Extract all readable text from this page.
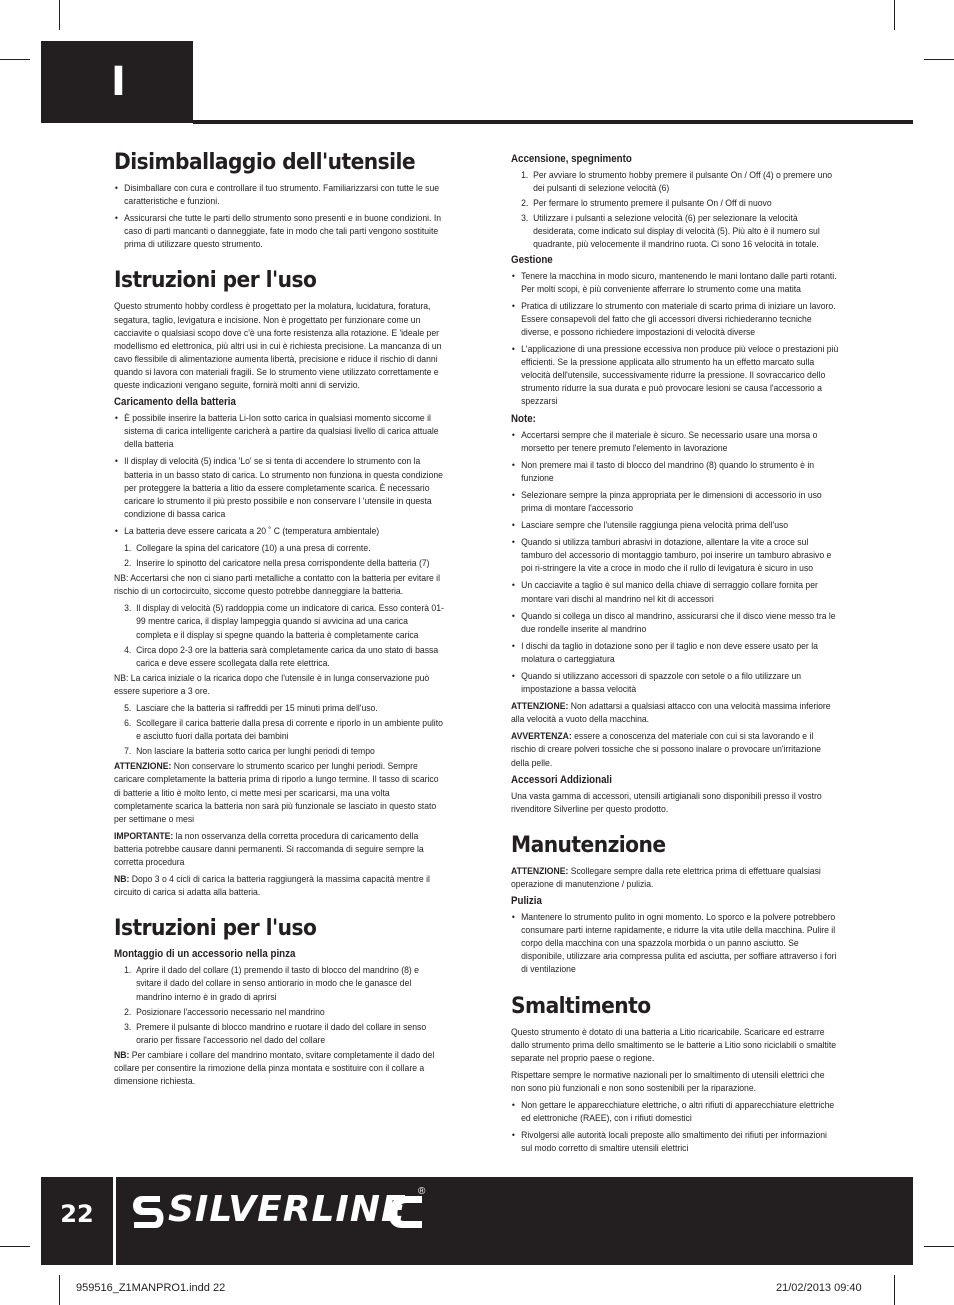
I
Disimballaggio dell'utensile
• Disimballare con cura e controllare il tuo strumento. Familiarizzarsi con tutte le sue caratteristiche e funzioni.
• Assicurarsi che tutte le parti dello strumento sono presenti e in buone condizioni. In caso di parti mancanti o danneggiate, fate in modo che tali parti vengono sostituite prima di utilizzare questo strumento.
Istruzioni per l'uso

Questo strumento hobby cordless è progettato per la molatura, lucidatura, foratura, segatura, taglio, levigatura e incisione. Non è progettato per funzionare come un cacciavite o qualsiasi scopo dove c'è una forte resistenza alla rotazione. E 'ideale per modellismo ed elettronica, più altri usi in cui è richiesta precisione. La mancanza di un cavo flessibile di alimentazione aumenta libertà, precisione e riduce il rischio di danni quando si lavora con materiali fragili. Se lo strumento viene utilizzato correttamente e queste indicazioni vengano seguite, fornirà molti anni di servizio.

Caricamento della batteria
• È possibile inserire la batteria Li-Ion sotto carica in qualsiasi momento siccome il sistema di carica intelligente caricherà a partire da qualsiasi livello di carica attuale della batteria
• Il display di velocità (5) indica 'Lo' se si tenta di accendere lo strumento con la batteria in un basso stato di carica. Lo strumento non funziona in questa condizione per proteggere la batteria a litio da essere completamente scarica. È necessario caricare lo strumento il più presto possibile e non conservare l 'utensile in questa condizione di bassa carica
• La batteria deve essere caricata a 20 ˚ C (temperatura ambientale)
1. Collegare la spina del caricatore (10) a una presa di corrente.
2. Inserire lo spinotto del caricatore nella presa corrispondente della batteria (7)

NB: Accertarsi che non ci siano parti metalliche a contatto con la batteria per evitare il rischio di un cortocircuito, siccome questo potrebbe danneggiare la batteria.

3. Il display di velocità (5) raddoppia come un indicatore di carica. Esso conterà 01-99 mentre carica, il display lampeggia quando si avvicina ad una carica completa e il display si spegne quando la batteria è completamente carica
4. Circa dopo 2-3 ore la batteria sarà completamente carica da uno stato di bassa carica e deve essere scollegata dalla rete elettrica.

NB: La carica iniziale o la ricarica dopo che l'utensile è in lunga conservazione può essere superiore a 3 ore.

5. Lasciare che la batteria si raffreddi per 15 minuti prima dell'uso.
6. Scollegare il carica batterie dalla presa di corrente e riporlo in un ambiente pulito e asciutto fuori dalla portata dei bambini
7. Non lasciare la batteria sotto carica per lunghi periodi di tempo

ATTENZIONE: Non conservare lo strumento scarico per lunghi periodi. Sempre caricare completamente la batteria prima di riporlo a lungo termine. Il tasso di scarico di batterie a litio è molto lento, ci mette mesi per scaricarsi, ma una volta completamente scarica la batteria non sarà più funzionale se lasciato in questo stato per settimane o mesi

IMPORTANTE: la non osservanza della corretta procedura di caricamento della batteria potrebbe causare danni permanenti. Si raccomanda di seguire sempre la corretta procedura

NB: Dopo 3 o 4 cicli di carica la batteria raggiungerà la massima capacità mentre il circuito di carica si adatta alla batteria.

Istruzioni per l'uso
Montaggio di un accessorio nella pinza
1. Aprire il dado del collare (1) premendo il tasto di blocco del mandrino (8) e svitare il dado del collare in senso antiorario in modo che le ganasce del mandrino interno è in grado di aprirsi
2. Posizionare l'accessorio necessario nel mandrino
3. Premere il pulsante di blocco mandrino e ruotare il dado del collare in senso orario per fissare l'accessorio nel dado del collare

NB: Per cambiare i collare del mandrino montato, svitare completamente il dado del collare per consentire la rimozione della pinza montata e sostituire con il collare a dimensione richiesta.

Accensione, spegnimento
1. Per avviare lo strumento hobby premere il pulsante On / Off (4) o premere uno dei pulsanti di selezione velocità (6)
2. Per fermare lo strumento premere il pulsante On / Off di nuovo
3. Utilizzare i pulsanti a selezione velocità (6) per selezionare la velocità desiderata, come indicato sul display di velocità (5). Più alto è il numero sul quadrante, più velocemente il mandrino ruota. Ci sono 16 velocità in totale.
Gestione
• Tenere la macchina in modo sicuro, mantenendo le mani lontano dalle parti rotanti. Per molti scopi, è più conveniente afferrare lo strumento come una matita
• Pratica di utilizzare lo strumento con materiale di scarto prima di iniziare un lavoro. Essere consapevoli del fatto che gli accessori diversi richiederanno tecniche diverse, e possono richiedere impostazioni di velocità diverse
• L'applicazione di una pressione eccessiva non produce più veloce o prestazioni più efficienti. Se la pressione applicata allo strumento ha un effetto marcato sulla velocità dell'utensile, successivamente ridurre la pressione. Il sovraccarico dello strumento ridurre la sua durata e può provocare lesioni se causa l'accessorio a spezzarsi
Note:
• Accertarsi sempre che il materiale è sicuro. Se necessario usare una morsa o morsetto per tenere premuto l'elemento in lavorazione
• Non premere mai il tasto di blocco del mandrino (8) quando lo strumento è in funzione
• Selezionare sempre la pinza appropriata per le dimensioni di accessorio in uso prima di montare l'accessorio
• Lasciare sempre che l'utensile raggiunga piena velocità prima dell'uso
• Quando si utilizza tamburi abrasivi in dotazione, allentare la vite a croce sul tamburo del accessorio di montaggio tamburo, poi inserire un tamburo abrasivo e poi ri-stringere la vite a croce in modo che il rullo di levigatura è sicuro in uso
• Un cacciavite a taglio è sul manico della chiave di serraggio collare fornita per montare vari dischi al mandrino nel kit di accessori
• Quando si collega un disco al mandrino, assicurarsi che il disco viene messo tra le due rondelle inserite al mandrino
• I dischi da taglio in dotazione sono per il taglio e non deve essere usato per la molatura o carteggiatura
• Quando si utilizzano accessori di spazzole con setole o a filo utilizzare un impostazione a bassa velocità

ATTENZIONE: Non adattarsi a qualsiasi attacco con una velocità massima inferiore alla velocità a vuoto della macchina.

AVVERTENZA: essere a conoscenza del materiale con cui si sta lavorando e il rischio di creare polveri tossiche che si possono inalare o provocare un'irritazione della pelle.

Accessori Addizionali

Una vasta gamma di accessori, utensili artigianali sono disponibili presso il vostro rivenditore Silverline per questo prodotto.

Manutenzione

ATTENZIONE: Scollegare sempre dalla rete elettrica prima di effettuare qualsiasi operazione di manutenzione / pulizia.

Pulizia
• Mantenere lo strumento pulito in ogni momento. Lo sporco e la polvere potrebbero consumare parti interne rapidamente, e ridurre la vita utile della macchina. Pulire il corpo della macchina con una spazzola morbida o un panno asciutto. Se disponibile, utilizzare aria compressa pulita ed asciutta, per soffiare attraverso i fori di ventilazione
Smaltimento

Questo strumento è dotato di una batteria a Litio ricaricabile. Scaricare ed estrarre dallo strumento prima dello smaltimento se le batterie a Litio sono riciclabili o smaltite separate nel proprio paese o regione.

Rispettare sempre le normative nazionali per lo smaltimento di utensili elettrici che non sono più funzionali e non sono sostenibili per la riparazione.

• Non gettare le apparecchiature elettriche, o altri rifiuti di apparecchiature elettriche ed elettroniche (RAEE), con i rifiuti domestici
• Rivolgersi alle autorità locali preposte allo smaltimento dei rifiuti per informazioni sul modo corretto di smaltire utensili elettrici
22	SILVERLINE ®
959516_Z1MANPRO1.indd 22	21/02/2013 09:40
